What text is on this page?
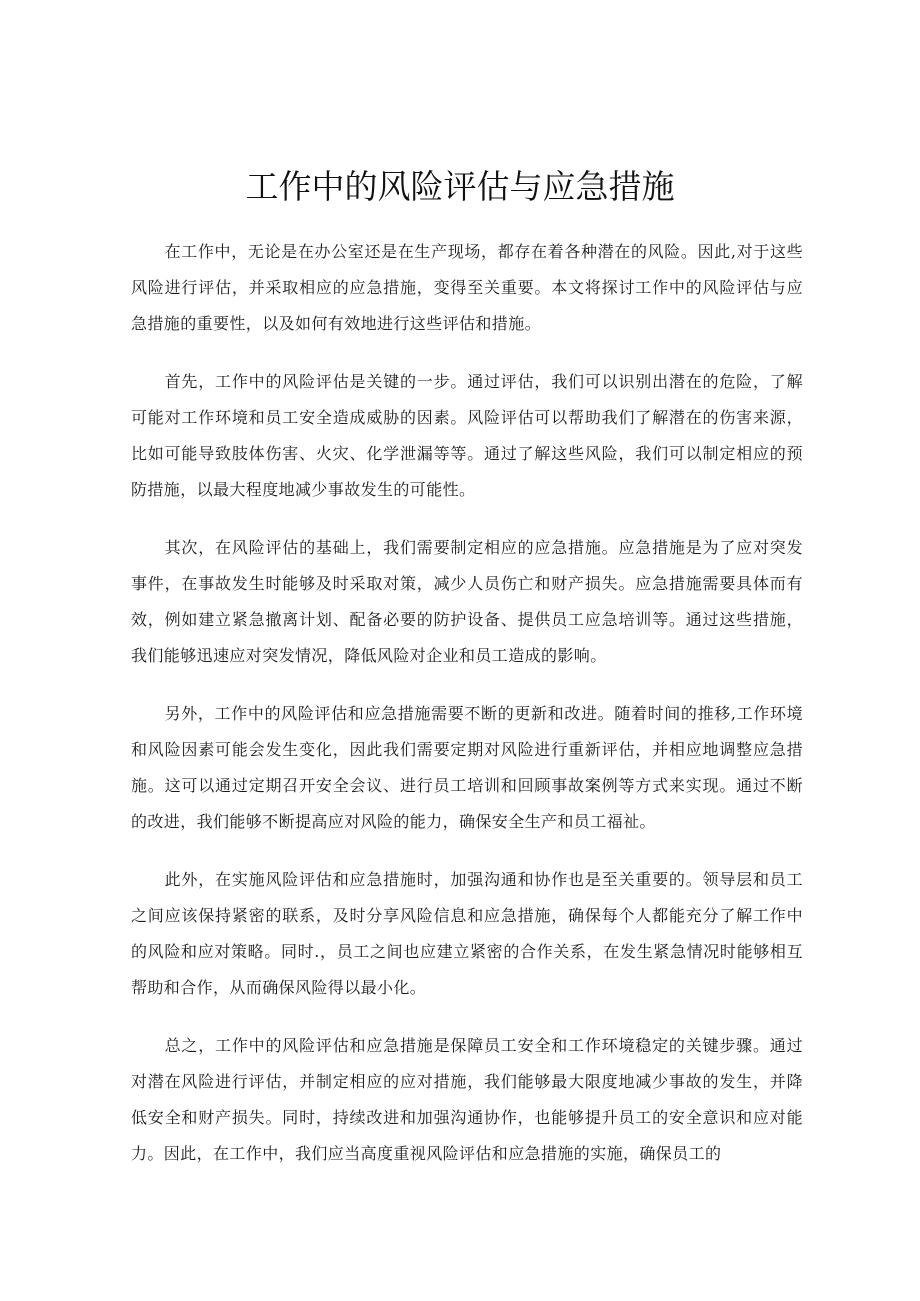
工作中的风险评估与应急措施

在工作中，无论是在办公室还是在生产现场，都存在着各种潜在的风险。因此,对于这些风险进行评估，并采取相应的应急措施，变得至关重要。本文将探讨工作中的风险评估与应急措施的重要性，以及如何有效地进行这些评估和措施。

首先，工作中的风险评估是关键的一步。通过评估，我们可以识别出潜在的危险，了解可能对工作环境和员工安全造成威胁的因素。风险评估可以帮助我们了解潜在的伤害来源，比如可能导致肢体伤害、火灾、化学泄漏等等。通过了解这些风险，我们可以制定相应的预防措施，以最大程度地减少事故发生的可能性。

其次，在风险评估的基础上，我们需要制定相应的应急措施。应急措施是为了应对突发事件，在事故发生时能够及时采取对策，减少人员伤亡和财产损失。应急措施需要具体而有效，例如建立紧急撤离计划、配备必要的防护设备、提供员工应急培训等。通过这些措施，我们能够迅速应对突发情况，降低风险对企业和员工造成的影响。

另外，工作中的风险评估和应急措施需要不断的更新和改进。随着时间的推移,工作环境和风险因素可能会发生变化，因此我们需要定期对风险进行重新评估，并相应地调整应急措施。这可以通过定期召开安全会议、进行员工培训和回顾事故案例等方式来实现。通过不断的改进，我们能够不断提高应对风险的能力，确保安全生产和员工福祉。

此外，在实施风险评估和应急措施时，加强沟通和协作也是至关重要的。领导层和员工之间应该保持紧密的联系，及时分享风险信息和应急措施，确保每个人都能充分了解工作中的风险和应对策略。同时.，员工之间也应建立紧密的合作关系，在发生紧急情况时能够相互帮助和合作，从而确保风险得以最小化。

总之，工作中的风险评估和应急措施是保障员工安全和工作环境稳定的关键步骤。通过对潜在风险进行评估，并制定相应的应对措施，我们能够最大限度地减少事故的发生，并降低安全和财产损失。同时，持续改进和加强沟通协作，也能够提升员工的安全意识和应对能力。因此，在工作中，我们应当高度重视风险评估和应急措施的实施，确保员工的
